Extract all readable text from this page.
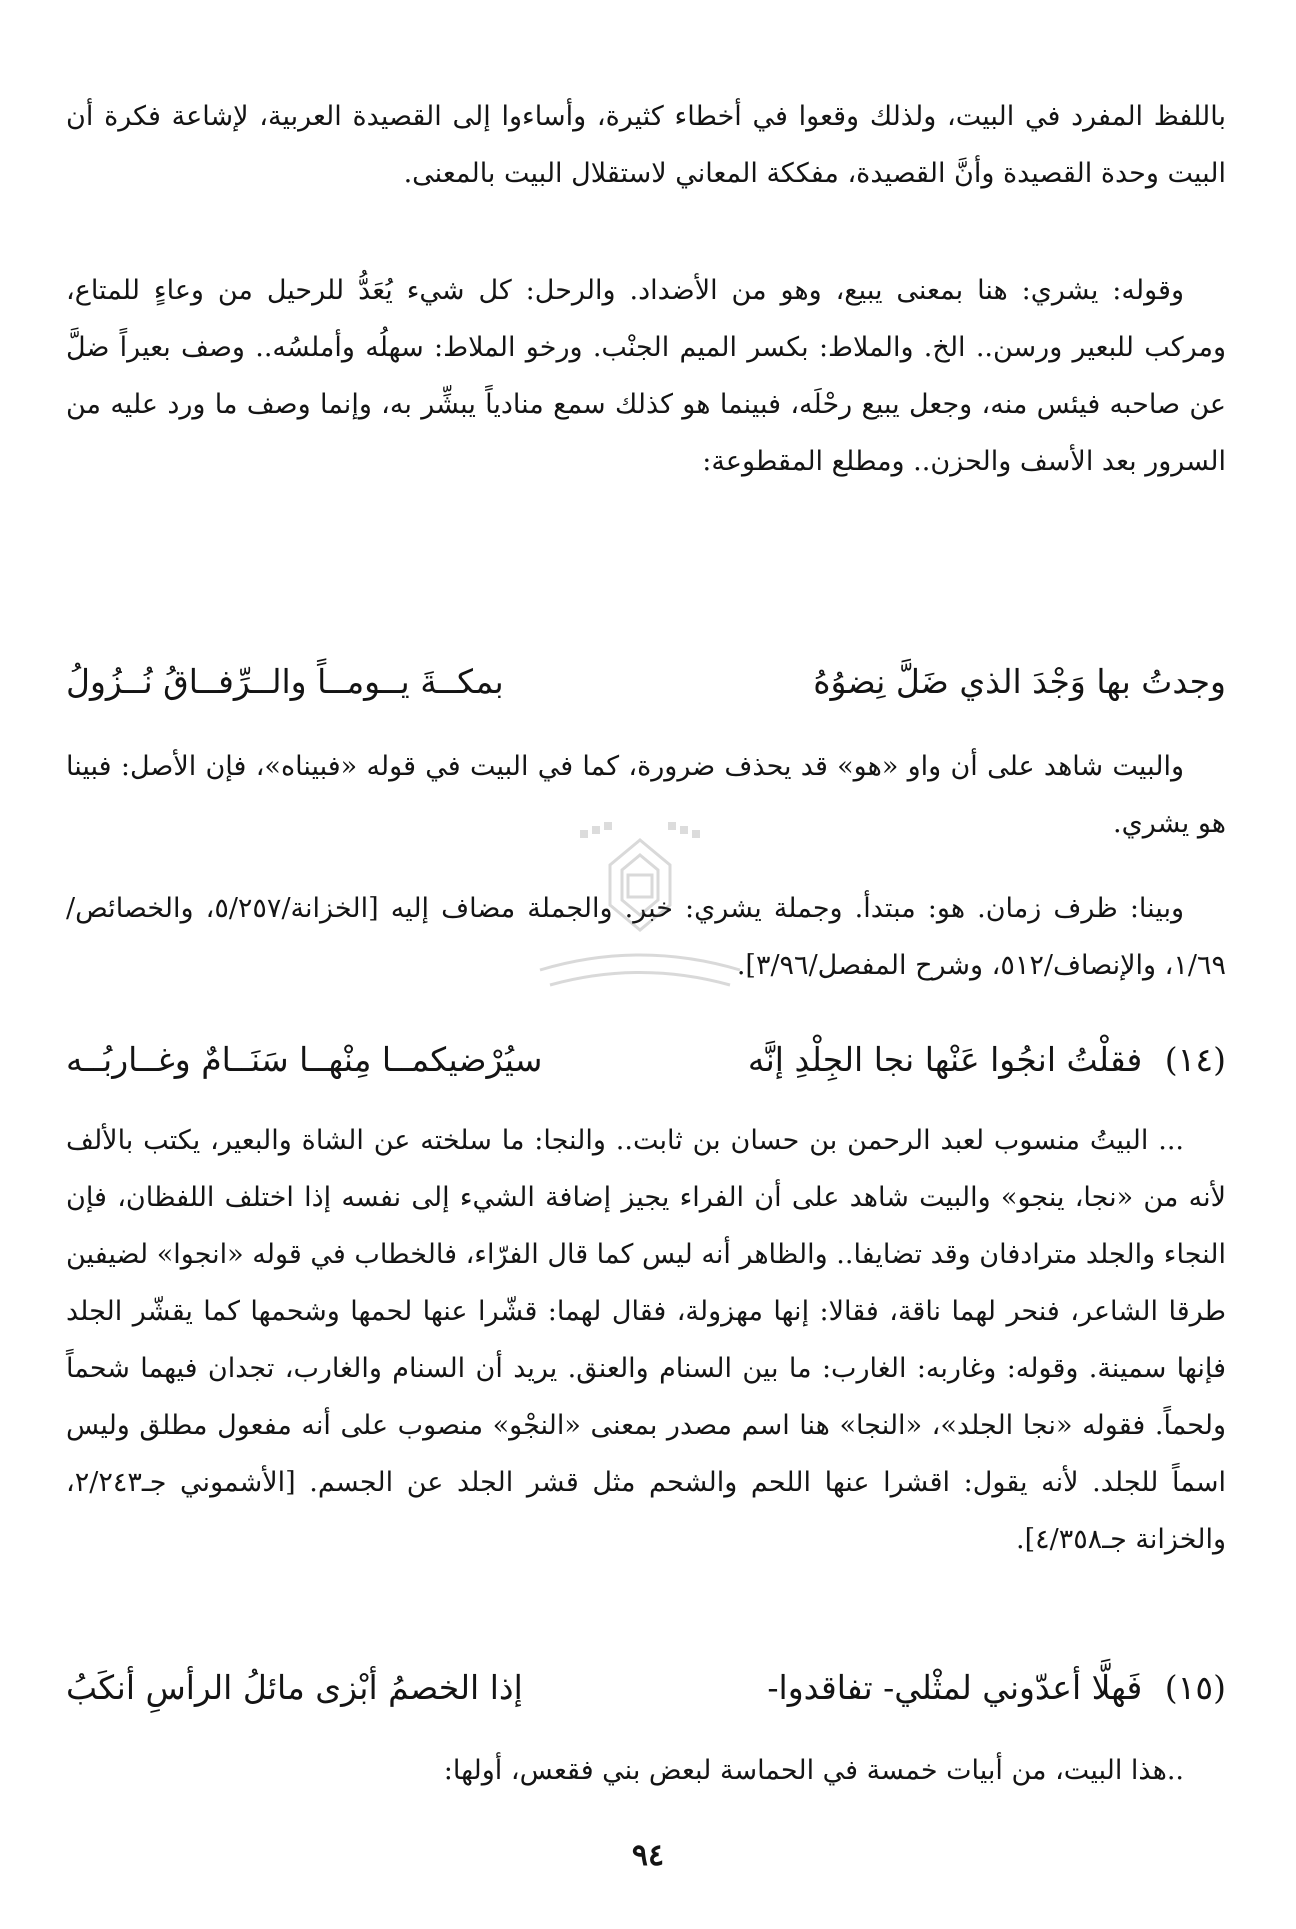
باللفظ المفرد في البيت، ولذلك وقعوا في أخطاء كثيرة، وأساءوا إلى القصيدة العربية، لإشاعة فكرة أن البيت وحدة القصيدة وأنَّ القصيدة، مفككة المعاني لاستقلال البيت بالمعنى.

وقوله: يشري: هنا بمعنى يبيع، وهو من الأضداد. والرحل: كل شيء يُعَدُّ للرحيل من وعاءٍ للمتاع، ومركب للبعير ورسن.. الخ. والملاط: بكسر الميم الجنْب. ورخو الملاط: سهلُه وأملسُه.. وصف بعيراً ضلَّ عن صاحبه فيئس منه، وجعل يبيع رحْلَه، فبينما هو كذلك سمع منادياً يبشِّر به، وإنما وصف ما ورد عليه من السرور بعد الأسف والحزن.. ومطلع المقطوعة:

وجدتُ بها وَجْدَ الذي ضَلَّ نِضوُهُ
بمكــةَ يــومــاً والــرِّفــاقُ نُــزُولُ

والبيت شاهد على أن واو «هو» قد يحذف ضرورة، كما في البيت في قوله «فبيناه»، فإن الأصل: فبينا هو يشري.

وبينا: ظرف زمان. هو: مبتدأ. وجملة يشري: خبر. والجملة مضاف إليه [الخزانة/٥/٢٥٧، والخصائص/١/٦٩، والإنصاف/٥١٢، وشرح المفصل/٣/٩٦].

(١٤) فقلْتُ انجُوا عَنْها نجا الجِلْدِ إنَّه
سيُرْضيكمــا مِنْهــا سَنَــامٌ وغــاربُــه

... البيتُ منسوب لعبد الرحمن بن حسان بن ثابت.. والنجا: ما سلخته عن الشاة والبعير، يكتب بالألف لأنه من «نجا، ينجو» والبيت شاهد على أن الفراء يجيز إضافة الشيء إلى نفسه إذا اختلف اللفظان، فإن النجاء والجلد مترادفان وقد تضايفا.. والظاهر أنه ليس كما قال الفرّاء، فالخطاب في قوله «انجوا» لضيفين طرقا الشاعر، فنحر لهما ناقة، فقالا: إنها مهزولة، فقال لهما: قشّرا عنها لحمها وشحمها كما يقشّر الجلد فإنها سمينة. وقوله: وغاربه: الغارب: ما بين السنام والعنق. يريد أن السنام والغارب، تجدان فيهما شحماً ولحماً. فقوله «نجا الجلد»، «النجا» هنا اسم مصدر بمعنى «النجْو» منصوب على أنه مفعول مطلق وليس اسماً للجلد. لأنه يقول: اقشرا عنها اللحم والشحم مثل قشر الجلد عن الجسم. [الأشموني جـ٢/٢٤٣، والخزانة جـ٤/٣٥٨].

(١٥) فَهلَّا أعدّوني لمثْلي- تفاقدوا-
إذا الخصمُ أبْزى مائلُ الرأسِ أنكَبُ

..هذا البيت، من أبيات خمسة في الحماسة لبعض بني فقعس، أولها:

٩٤
